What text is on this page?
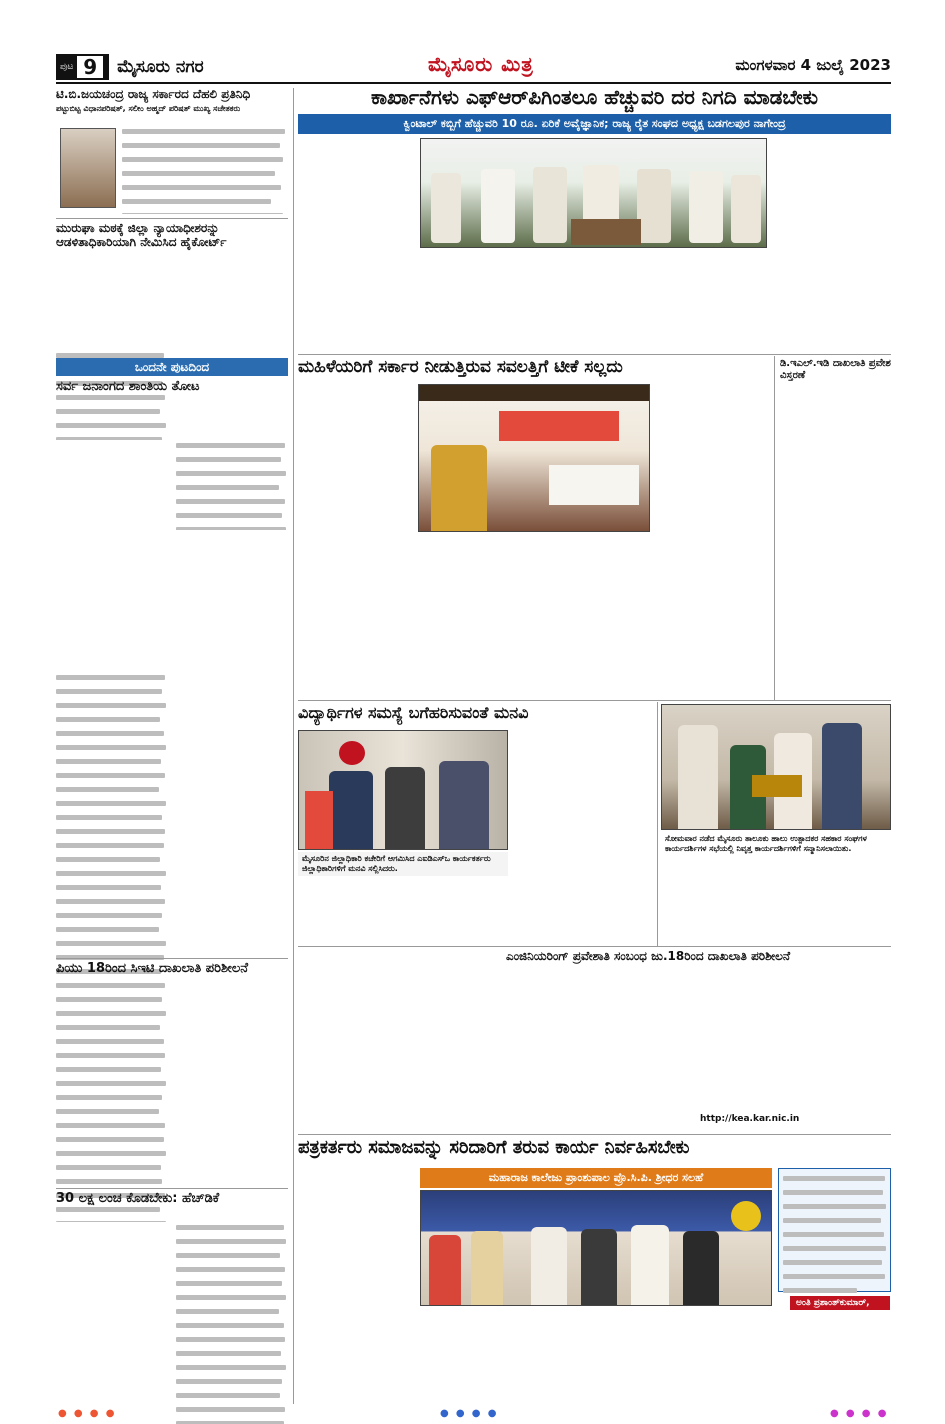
ಪುಟ 9	ಮೈಸೂರು ನಗರ	ಮೈಸೂರು ಮಿತ್ರ	ಮಂಗಳವಾರ 4 ಜುಲೈ 2023
ಟಿ.ಬಿ.ಜಯಚಂದ್ರ ರಾಜ್ಯ ಸರ್ಕಾರದ ದೆಹಲಿ ಪ್ರತಿನಿಧಿ
ಪಟ್ಟುಬಿಟ್ಟ ವಿಧಾನಪರಿಷತ್, ಸಲೀಂ ಅಹ್ಮದ್ ಪರಿಷತ್ ಮುಖ್ಯ ಸಚೇತಕರು
ಮುರುಘಾ ಮಠಕ್ಕೆ ಜಿಲ್ಲಾ ನ್ಯಾಯಾಧೀಶರನ್ನು ಆಡಳಿತಾಧಿಕಾರಿಯಾಗಿ ನೇಮಿಸಿದ ಹೈಕೋರ್ಟ್
ಒಂದನೇ ಪುಟದಿಂದ
ಸರ್ವ ಜನಾಂಗದ ಶಾಂತಿಯ ತೋಟ
ಪಿಯು 18ರಿಂದ ಸಿಇಟಿ ದಾಖಲಾತಿ ಪರಿಶೀಲನೆ
30 ಲಕ್ಷ ಲಂಚ ಕೊಡಬೇಕು: ಹೆಚ್‌ಡಿಕೆ
ಕಾರ್ಖಾನೆಗಳು ಎಫ್‌ಆರ್‌ಪಿಗಿಂತಲೂ ಹೆಚ್ಚುವರಿ ದರ ನಿಗದಿ ಮಾಡಬೇಕು
ಕ್ವಿಂಟಾಲ್ ಕಬ್ಬಿಗೆ ಹೆಚ್ಚುವರಿ 10 ರೂ. ಏರಿಕೆ ಅವೈಜ್ಞಾನಿಕ; ರಾಜ್ಯ ರೈತ ಸಂಘದ ಅಧ್ಯಕ್ಷ ಬಡಗಲಪುರ ನಾಗೇಂದ್ರ
ಮಹಿಳೆಯರಿಗೆ ಸರ್ಕಾರ ನೀಡುತ್ತಿರುವ ಸವಲತ್ತಿಗೆ ಟೀಕೆ ಸಲ್ಲದು	ಡಿ.ಇಎಲ್.ಇಡಿ ದಾಖಲಾತಿ ಪ್ರವೇಶ ವಿಸ್ತರಣೆ
ವಿದ್ಯಾರ್ಥಿಗಳ ಸಮಸ್ಯೆ ಬಗೆಹರಿಸುವಂತೆ ಮನವಿ
ಮೈಸೂರಿನ ಜಿಲ್ಲಾಧಿಕಾರಿ ಕಚೇರಿಗೆ ಆಗಮಿಸಿದ ಎಐಡಿಎಸ್‌ಒ ಕಾರ್ಯಕರ್ತರು ಜಿಲ್ಲಾಧಿಕಾರಿಗಳಿಗೆ ಮನವಿ ಸಲ್ಲಿಸಿದರು.
ಸೋಮವಾರ ನಡೆದ ಮೈಸೂರು ತಾಲೂಕು ಹಾಲು ಉತ್ಪಾದಕರ ಸಹಕಾರ ಸಂಘಗಳ ಕಾರ್ಯದರ್ಶಿಗಳ ಸಭೆಯಲ್ಲಿ ನಿವೃತ್ತ ಕಾರ್ಯದರ್ಶಿಗಳಿಗೆ ಸನ್ಮಾನಿಸಲಾಯಿತು.
ಎಂಜಿನಿಯರಿಂಗ್ ಪ್ರವೇಶಾತಿ ಸಂಬಂಧ ಜು.18ರಿಂದ ದಾಖಲಾತಿ ಪರಿಶೀಲನೆ
http://kea.kar.nic.in
ಪತ್ರಕರ್ತರು ಸಮಾಜವನ್ನು ಸರಿದಾರಿಗೆ ತರುವ ಕಾರ್ಯ ನಿರ್ವಹಿಸಬೇಕು
ಮಹಾರಾಜ ಕಾಲೇಜು ಪ್ರಾಂಶುಪಾಲ ಪ್ರೊ.ಸಿ.ಪಿ. ಶ್ರೀಧರ ಸಲಹೆ
ಅಂತಿ ಪ್ರಶಾಂತ್‌ಕುಮಾರ್,
● ● ● ●	● ● ● ●	● ● ● ●
